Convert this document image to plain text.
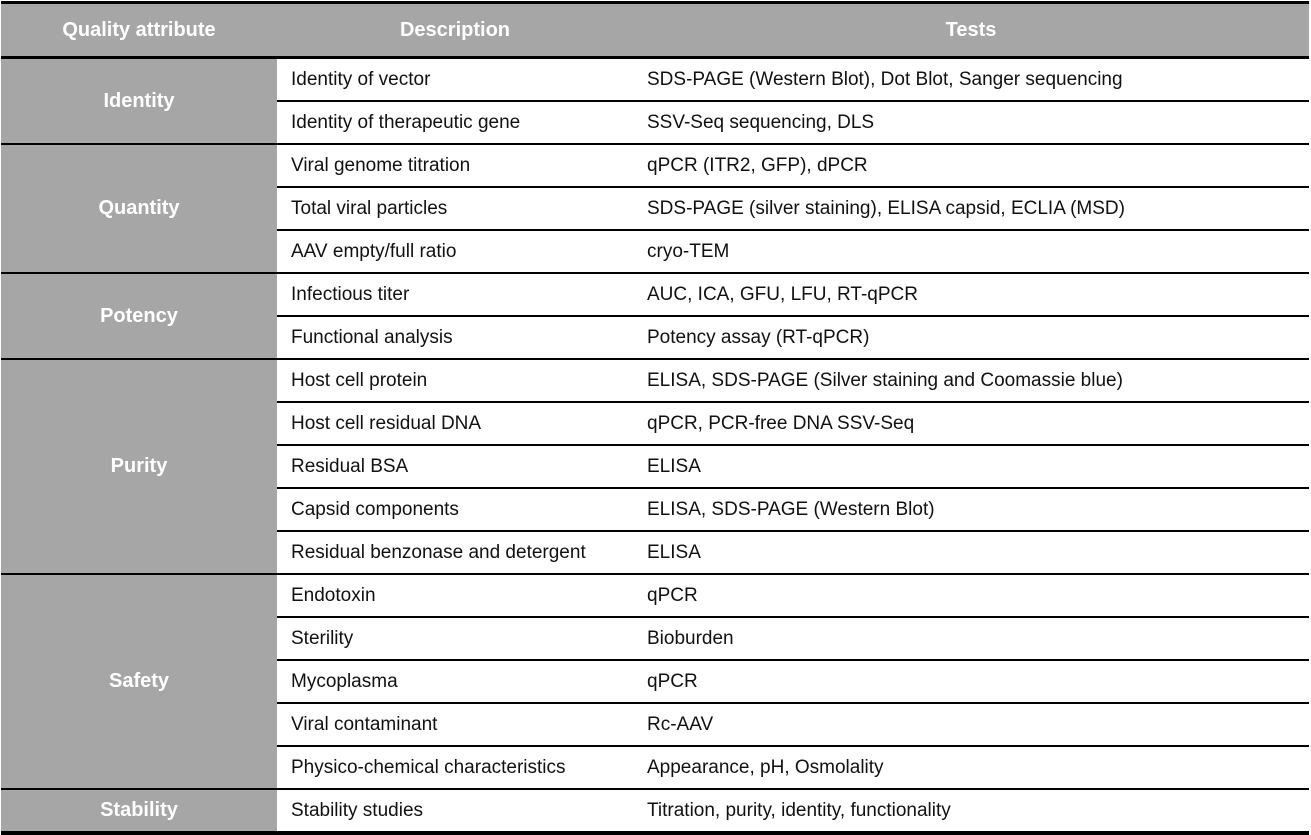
Quality attribute	Description	Tests
Identity	Identity of vector	SDS-PAGE (Western Blot), Dot Blot, Sanger sequencing
	Identity of therapeutic gene	SSV-Seq sequencing, DLS
Quantity	Viral genome titration	qPCR (ITR2, GFP), dPCR
	Total viral particles	SDS-PAGE (silver staining), ELISA capsid, ECLIA (MSD)
	AAV empty/full ratio	cryo-TEM
Potency	Infectious titer	AUC, ICA, GFU, LFU, RT-qPCR
	Functional analysis	Potency assay (RT-qPCR)
Purity	Host cell protein	ELISA, SDS-PAGE (Silver staining and Coomassie blue)
	Host cell residual DNA	qPCR, PCR-free DNA SSV-Seq
	Residual BSA	ELISA
	Capsid components	ELISA, SDS-PAGE (Western Blot)
	Residual benzonase and detergent	ELISA
Safety	Endotoxin	qPCR
	Sterility	Bioburden
	Mycoplasma	qPCR
	Viral contaminant	Rc-AAV
	Physico-chemical characteristics	Appearance, pH, Osmolality
Stability	Stability studies	Titration, purity, identity, functionality
